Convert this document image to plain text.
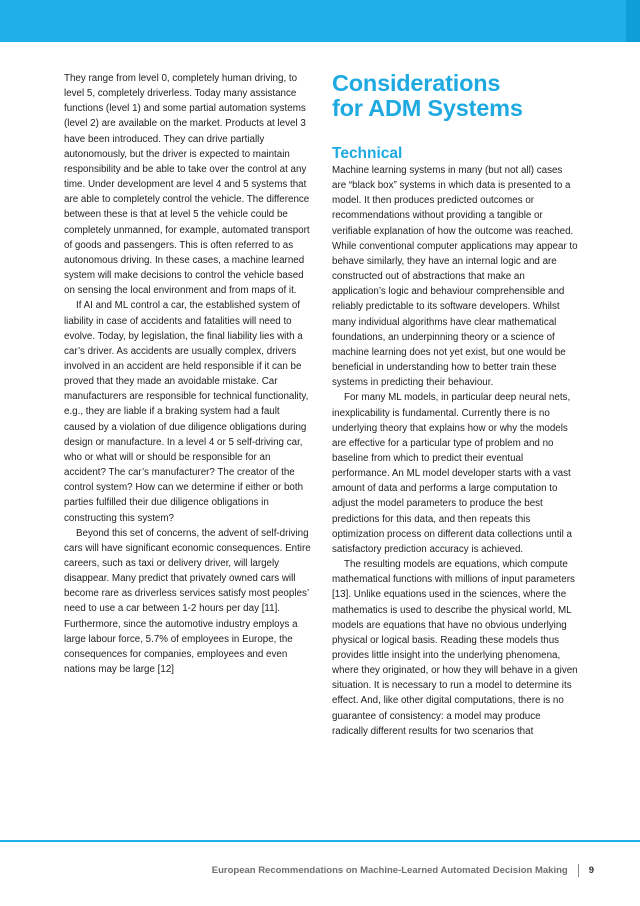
They range from level 0, completely human driving, to level 5, completely driverless. Today many assistance functions (level 1) and some partial automation systems (level 2) are available on the market. Products at level 3 have been introduced. They can drive partially autonomously, but the driver is expected to maintain responsibility and be able to take over the control at any time. Under development are level 4 and 5 systems that are able to completely control the vehicle. The difference between these is that at level 5 the vehicle could be completely unmanned, for example, automated transport of goods and passengers. This is often referred to as autonomous driving. In these cases, a machine learned system will make decisions to control the vehicle based on sensing the local environment and from maps of it.

If AI and ML control a car, the established system of liability in case of accidents and fatalities will need to evolve. Today, by legislation, the final liability lies with a car’s driver. As accidents are usually complex, drivers involved in an accident are held responsible if it can be proved that they made an avoidable mistake. Car manufacturers are responsible for technical functionality, e.g., they are liable if a braking system had a fault caused by a violation of due diligence obligations during design or manufacture. In a level 4 or 5 self-driving car, who or what will or should be responsible for an accident? The car’s manufacturer? The creator of the control system? How can we determine if either or both parties fulfilled their due diligence obligations in constructing this system?

Beyond this set of concerns, the advent of self-driving cars will have significant economic consequences. Entire careers, such as taxi or delivery driver, will largely disappear. Many predict that privately owned cars will become rare as driverless services satisfy most peoples’ need to use a car between 1-2 hours per day [11]. Furthermore, since the automotive industry employs a large labour force, 5.7% of employees in Europe, the consequences for companies, employees and even nations may be large [12]

Considerations
for ADM Systems
Technical

Machine learning systems in many (but not all) cases are “black box” systems in which data is presented to a model. It then produces predicted outcomes or recommendations without providing a tangible or verifiable explanation of how the outcome was reached. While conventional computer applications may appear to behave similarly, they have an internal logic and are constructed out of abstractions that make an application’s logic and behaviour comprehensible and reliably predictable to its software developers. Whilst many individual algorithms have clear mathematical foundations, an underpinning theory or a science of machine learning does not yet exist, but one would be beneficial in understanding how to better train these systems in predicting their behaviour.

For many ML models, in particular deep neural nets, inexplicability is fundamental. Currently there is no underlying theory that explains how or why the models are effective for a particular type of problem and no baseline from which to predict their eventual performance. An ML model developer starts with a vast amount of data and performs a large computation to adjust the model parameters to produce the best predictions for this data, and then repeats this optimization process on different data collections until a satisfactory prediction accuracy is achieved.

The resulting models are equations, which compute mathematical functions with millions of input parameters [13]. Unlike equations used in the sciences, where the mathematics is used to describe the physical world, ML models are equations that have no obvious underlying physical or logical basis. Reading these models thus provides little insight into the underlying phenomena, where they originated, or how they will behave in a given situation. It is necessary to run a model to determine its effect. And, like other digital computations, there is no guarantee of consistency: a model may produce radically different results for two scenarios that

European Recommendations on Machine-Learned Automated Decision Making 9
